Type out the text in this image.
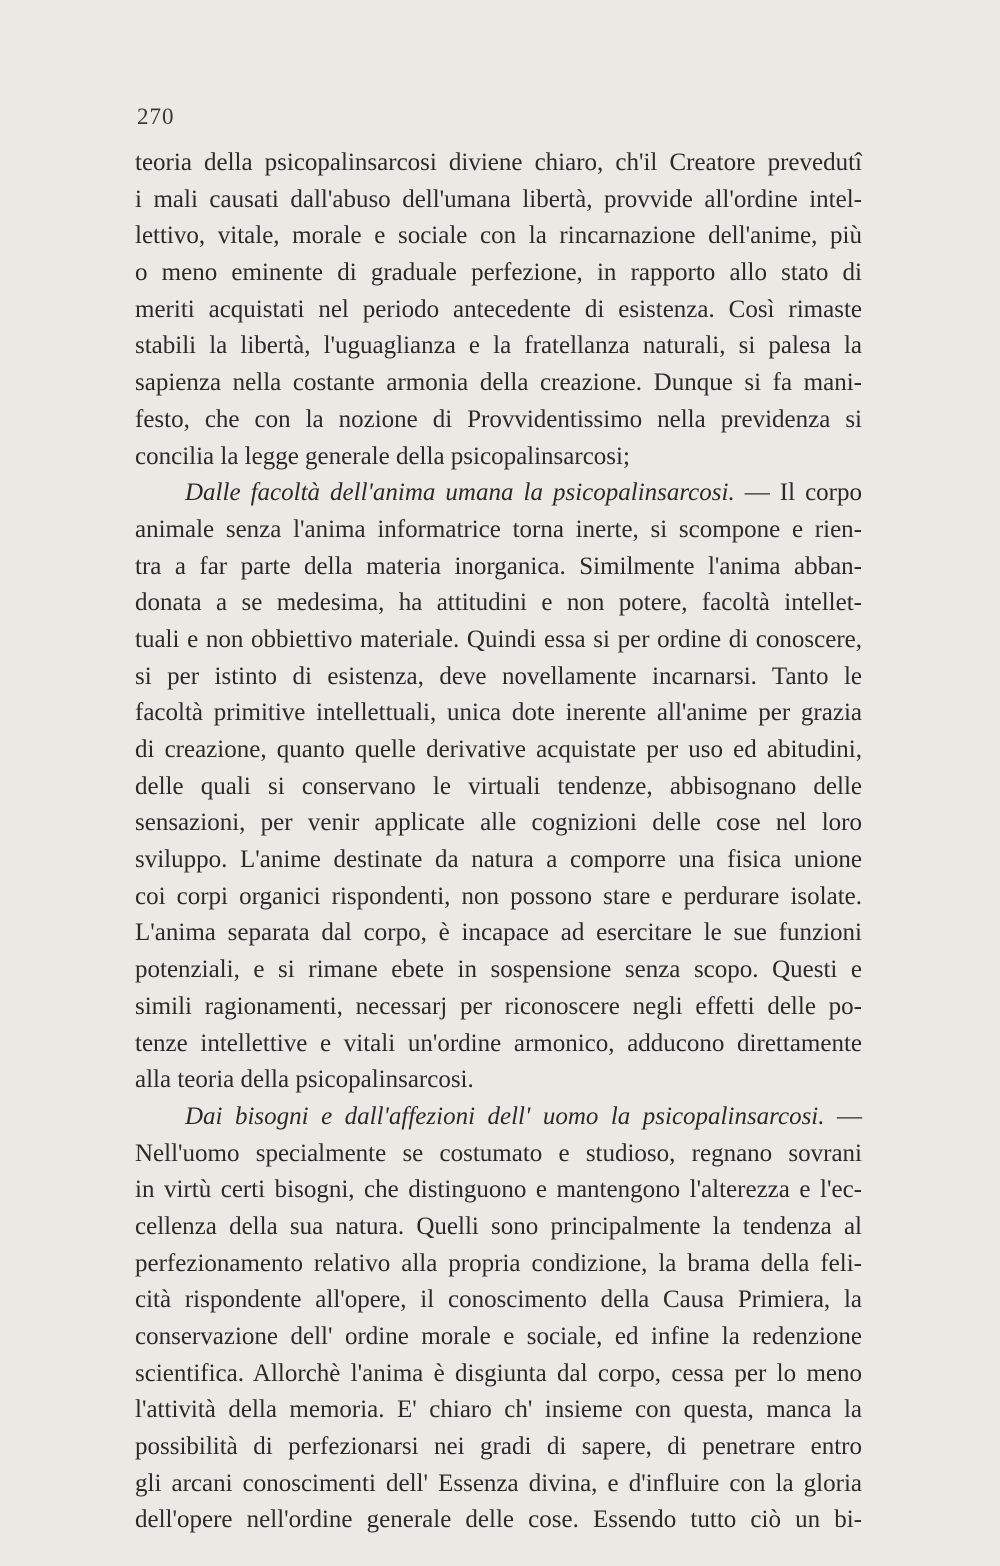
270
teoria della psicopalinsarcosi diviene chiaro, ch'il Creatore prevedutî
i mali causati dall'abuso dell'umana libertà, provvide all'ordine intel-
lettivo, vitale, morale e sociale con la rincarnazione dell'anime, più
o meno eminente di graduale perfezione, in rapporto allo stato di
meriti acquistati nel periodo antecedente di esistenza. Così rimaste
stabili la libertà, l'uguaglianza e la fratellanza naturali, si palesa la
sapienza nella costante armonia della creazione. Dunque si fa mani-
festo, che con la nozione di Provvidentissimo nella previdenza si
concilia la legge generale della psicopalinsarcosi;
Dalle facoltà dell'anima umana la psicopalinsarcosi. — Il corpo
animale senza l'anima informatrice torna inerte, si scompone e rien-
tra a far parte della materia inorganica. Similmente l'anima abban-
donata a se medesima, ha attitudini e non potere, facoltà intellet-
tuali e non obbiettivo materiale. Quindi essa si per ordine di conoscere,
si per istinto di esistenza, deve novellamente incarnarsi. Tanto le
facoltà primitive intellettuali, unica dote inerente all'anime per grazia
di creazione, quanto quelle derivative acquistate per uso ed abitudini,
delle quali si conservano le virtuali tendenze, abbisognano delle
sensazioni, per venir applicate alle cognizioni delle cose nel loro
sviluppo. L'anime destinate da natura a comporre una fisica unione
coi corpi organici rispondenti, non possono stare e perdurare isolate.
L'anima separata dal corpo, è incapace ad esercitare le sue funzioni
potenziali, e si rimane ebete in sospensione senza scopo. Questi e
simili ragionamenti, necessarj per riconoscere negli effetti delle po-
tenze intellettive e vitali un'ordine armonico, adducono direttamente
alla teoria della psicopalinsarcosi.
Dai bisogni e dall'affezioni dell' uomo la psicopalinsarcosi. —
Nell'uomo specialmente se costumato e studioso, regnano sovrani
in virtù certi bisogni, che distinguono e mantengono l'alterezza e l'ec-
cellenza della sua natura. Quelli sono principalmente la tendenza al
perfezionamento relativo alla propria condizione, la brama della feli-
cità rispondente all'opere, il conoscimento della Causa Primiera, la
conservazione dell' ordine morale e sociale, ed infine la redenzione
scientifica. Allorchè l'anima è disgiunta dal corpo, cessa per lo meno
l'attività della memoria. E' chiaro ch' insieme con questa, manca la
possibilità di perfezionarsi nei gradi di sapere, di penetrare entro
gli arcani conoscimenti dell' Essenza divina, e d'influire con la gloria
dell'opere nell'ordine generale delle cose. Essendo tutto ciò un bi-
